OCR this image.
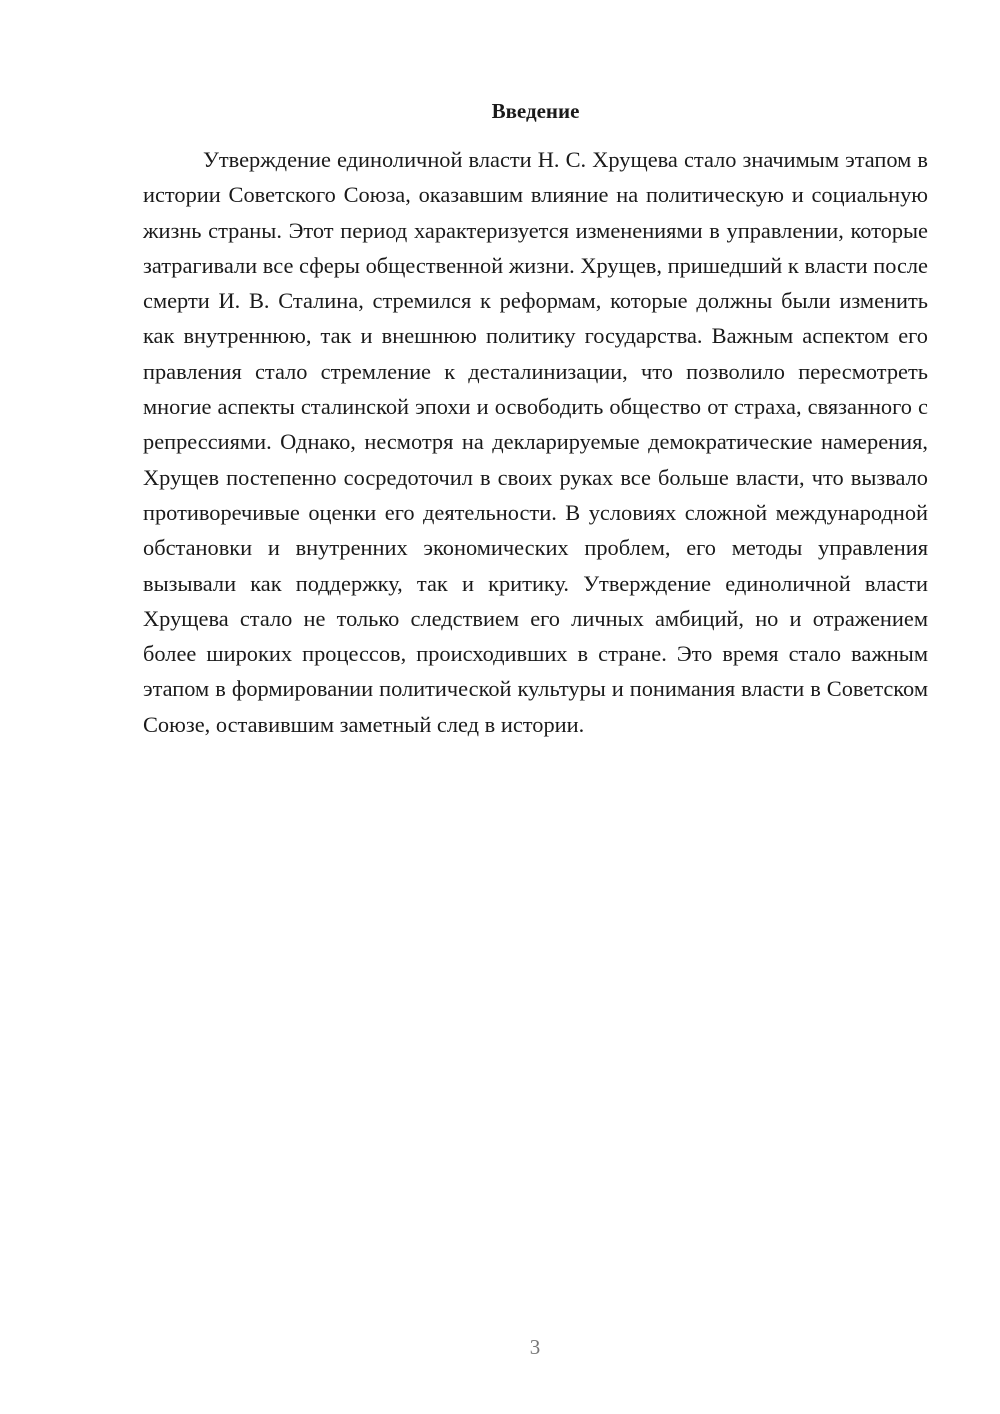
Введение

Утверждение единоличной власти Н. С. Хрущева стало значимым этапом в истории Советского Союза, оказавшим влияние на политическую и социальную жизнь страны. Этот период характеризуется изменениями в управлении, которые затрагивали все сферы общественной жизни. Хрущев, пришедший к власти после смерти И. В. Сталина, стремился к реформам, которые должны были изменить как внутреннюю, так и внешнюю политику государства. Важным аспектом его правления стало стремление к десталинизации, что позволило пересмотреть многие аспекты сталинской эпохи и освободить общество от страха, связанного с репрессиями. Однако, несмотря на декларируемые демократические намерения, Хрущев постепенно сосредоточил в своих руках все больше власти, что вызвало противоречивые оценки его деятельности. В условиях сложной международной обстановки и внутренних экономических проблем, его методы управления вызывали как поддержку, так и критику. Утверждение единоличной власти Хрущева стало не только следствием его личных амбиций, но и отражением более широких процессов, происходивших в стране. Это время стало важным этапом в формировании политической культуры и понимания власти в Советском Союзе, оставившим заметный след в истории.

3
